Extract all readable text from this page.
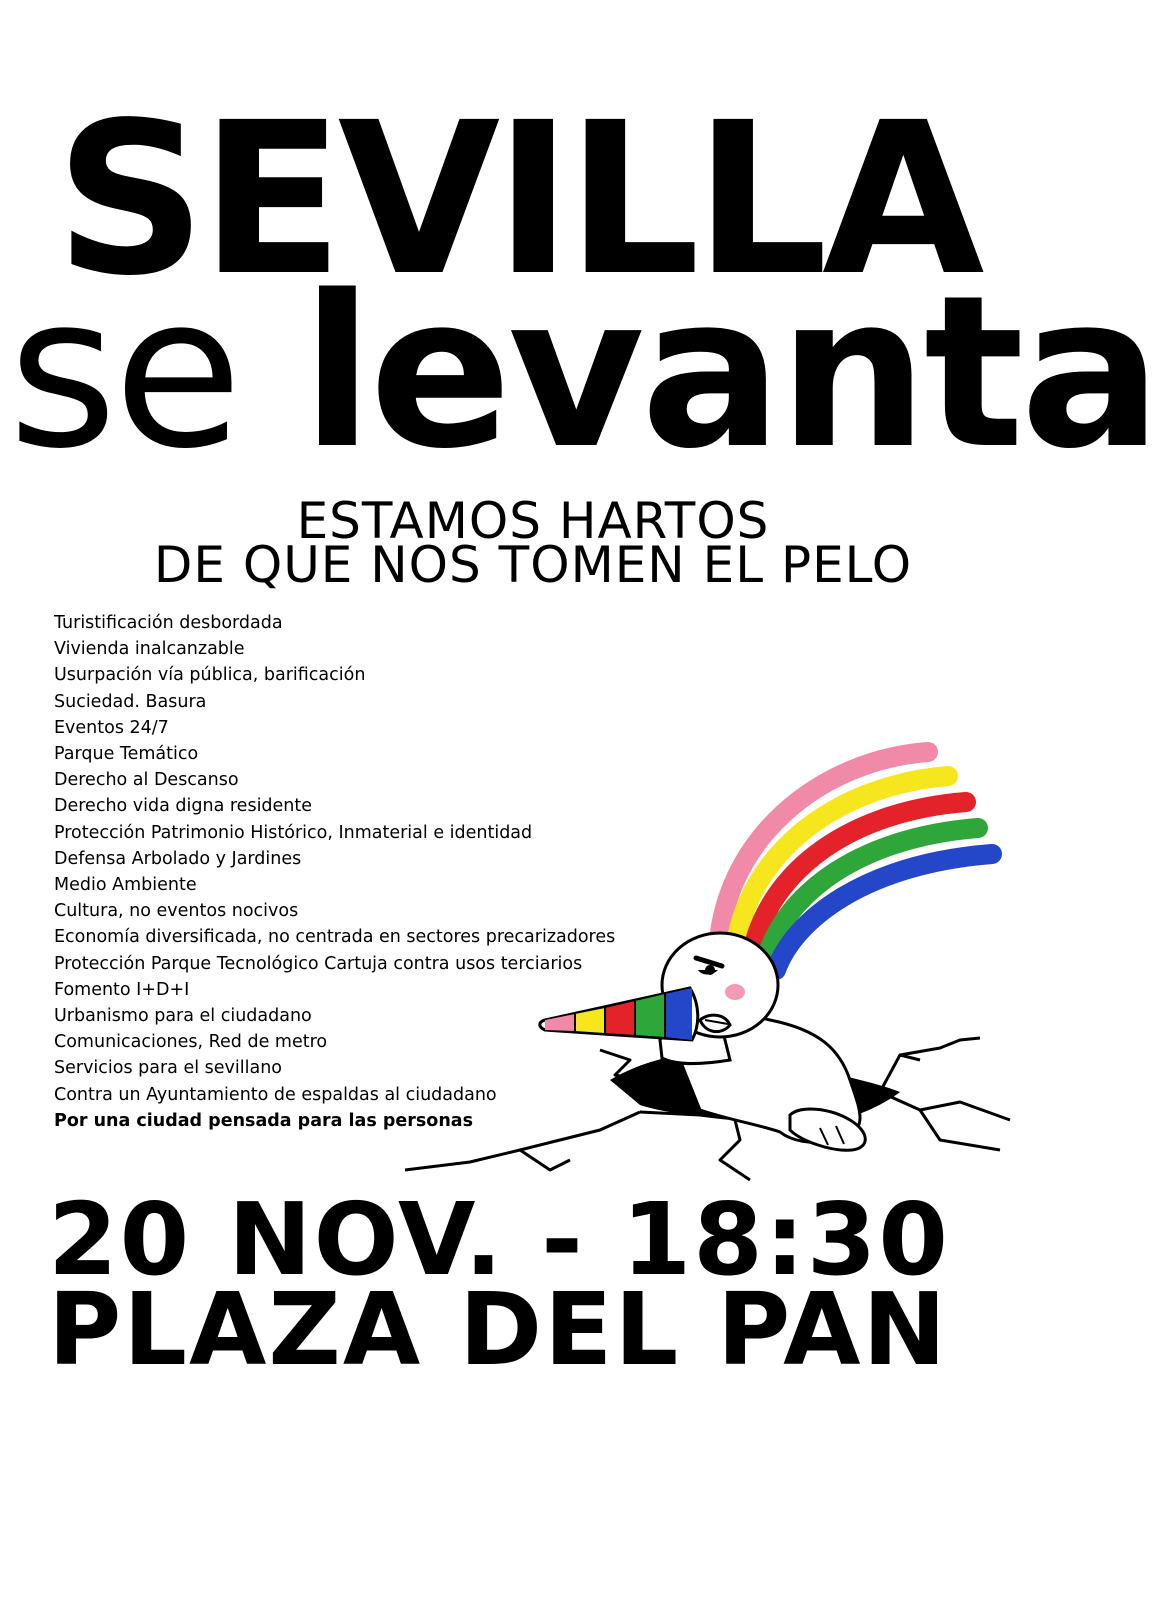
SEVILLA
se levanta
ESTAMOS HARTOS
DE QUE NOS TOMEN EL PELO
Turistificación desbordada
Vivienda inalcanzable
Usurpación vía pública, barificación
Suciedad. Basura
Eventos 24/7
Parque Temático
Derecho al Descanso
Derecho vida digna residente
Protección Patrimonio Histórico, Inmaterial e identidad
Defensa Arbolado y Jardines
Medio Ambiente
Cultura, no eventos nocivos
Economía diversificada, no centrada en sectores precarizadores
Protección Parque Tecnológico Cartuja contra usos terciarios
Fomento I+D+I
Urbanismo para el ciudadano
Comunicaciones, Red de metro
Servicios para el sevillano
Contra un Ayuntamiento de espaldas al ciudadano
Por una ciudad pensada para las personas
20 NOV. - 18:30
PLAZA DEL PAN
